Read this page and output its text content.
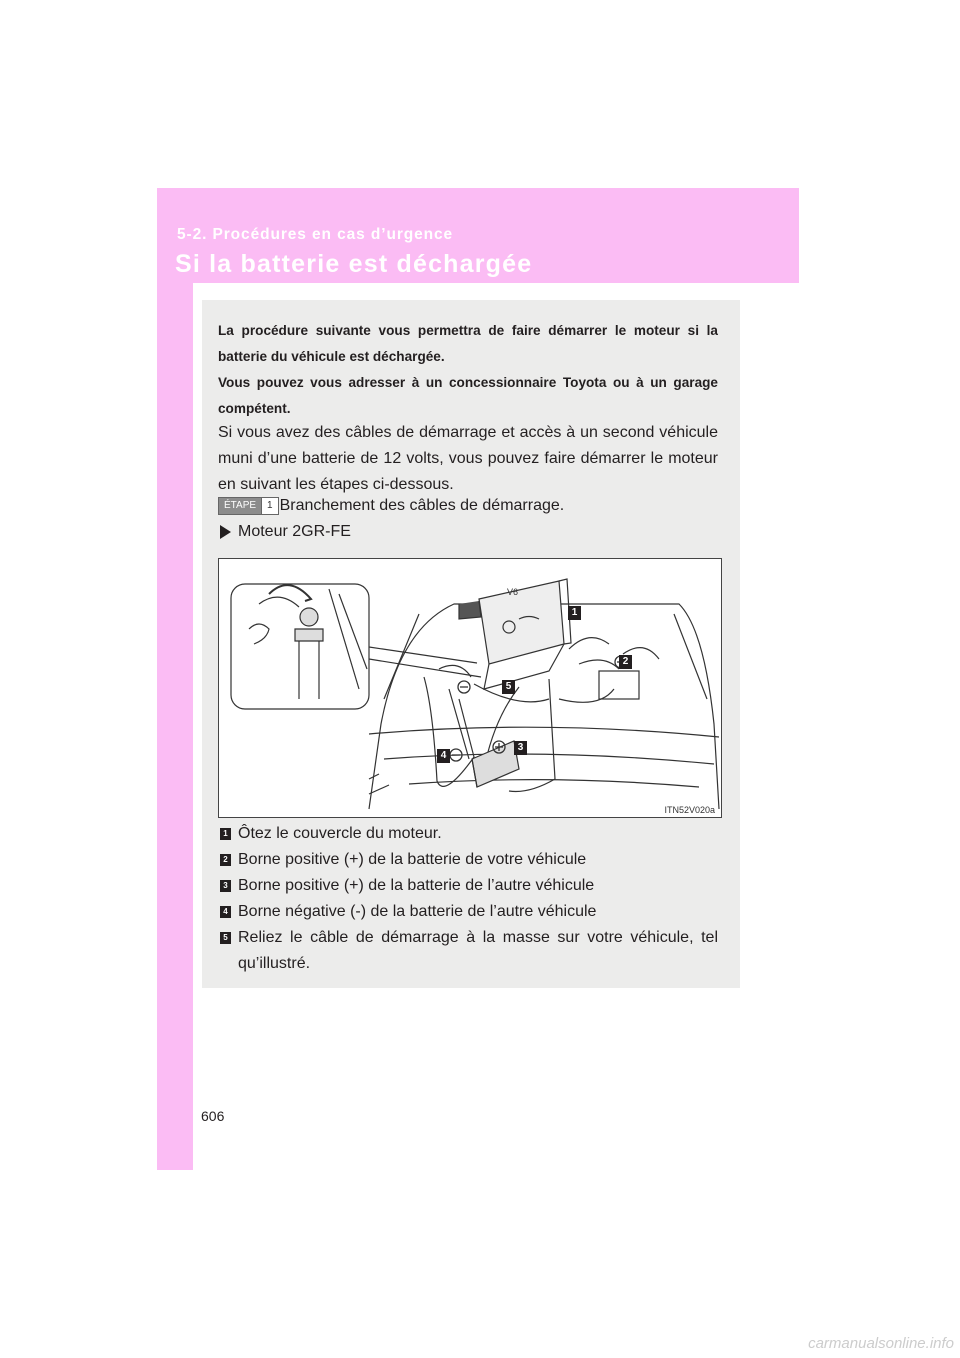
5-2. Procédures en cas d’urgence
Si la batterie est déchargée
La procédure suivante vous permettra de faire démarrer le moteur si la batterie du véhicule est déchargée.
Vous pouvez vous adresser à un concessionnaire Toyota ou à un garage compétent.

Si vous avez des câbles de démarrage et accès à un second véhicule muni d’une batterie de 12 volts, vous pouvez faire démarrer le moteur en suivant les étapes ci-dessous.

ÉTAPE	1 Branchement des câbles de démarrage.
Moteur 2GR-FE
V6
1
2
3
4
5
ITN52V020a
1 Ôtez le couvercle du moteur.
2 Borne positive (+) de la batterie de votre véhicule
3 Borne positive (+) de la batterie de l’autre véhicule
4 Borne négative (-) de la batterie de l’autre véhicule
5 Reliez le câble de démarrage à la masse sur votre véhicule, tel qu’illustré.
606
carmanualsonline.info
